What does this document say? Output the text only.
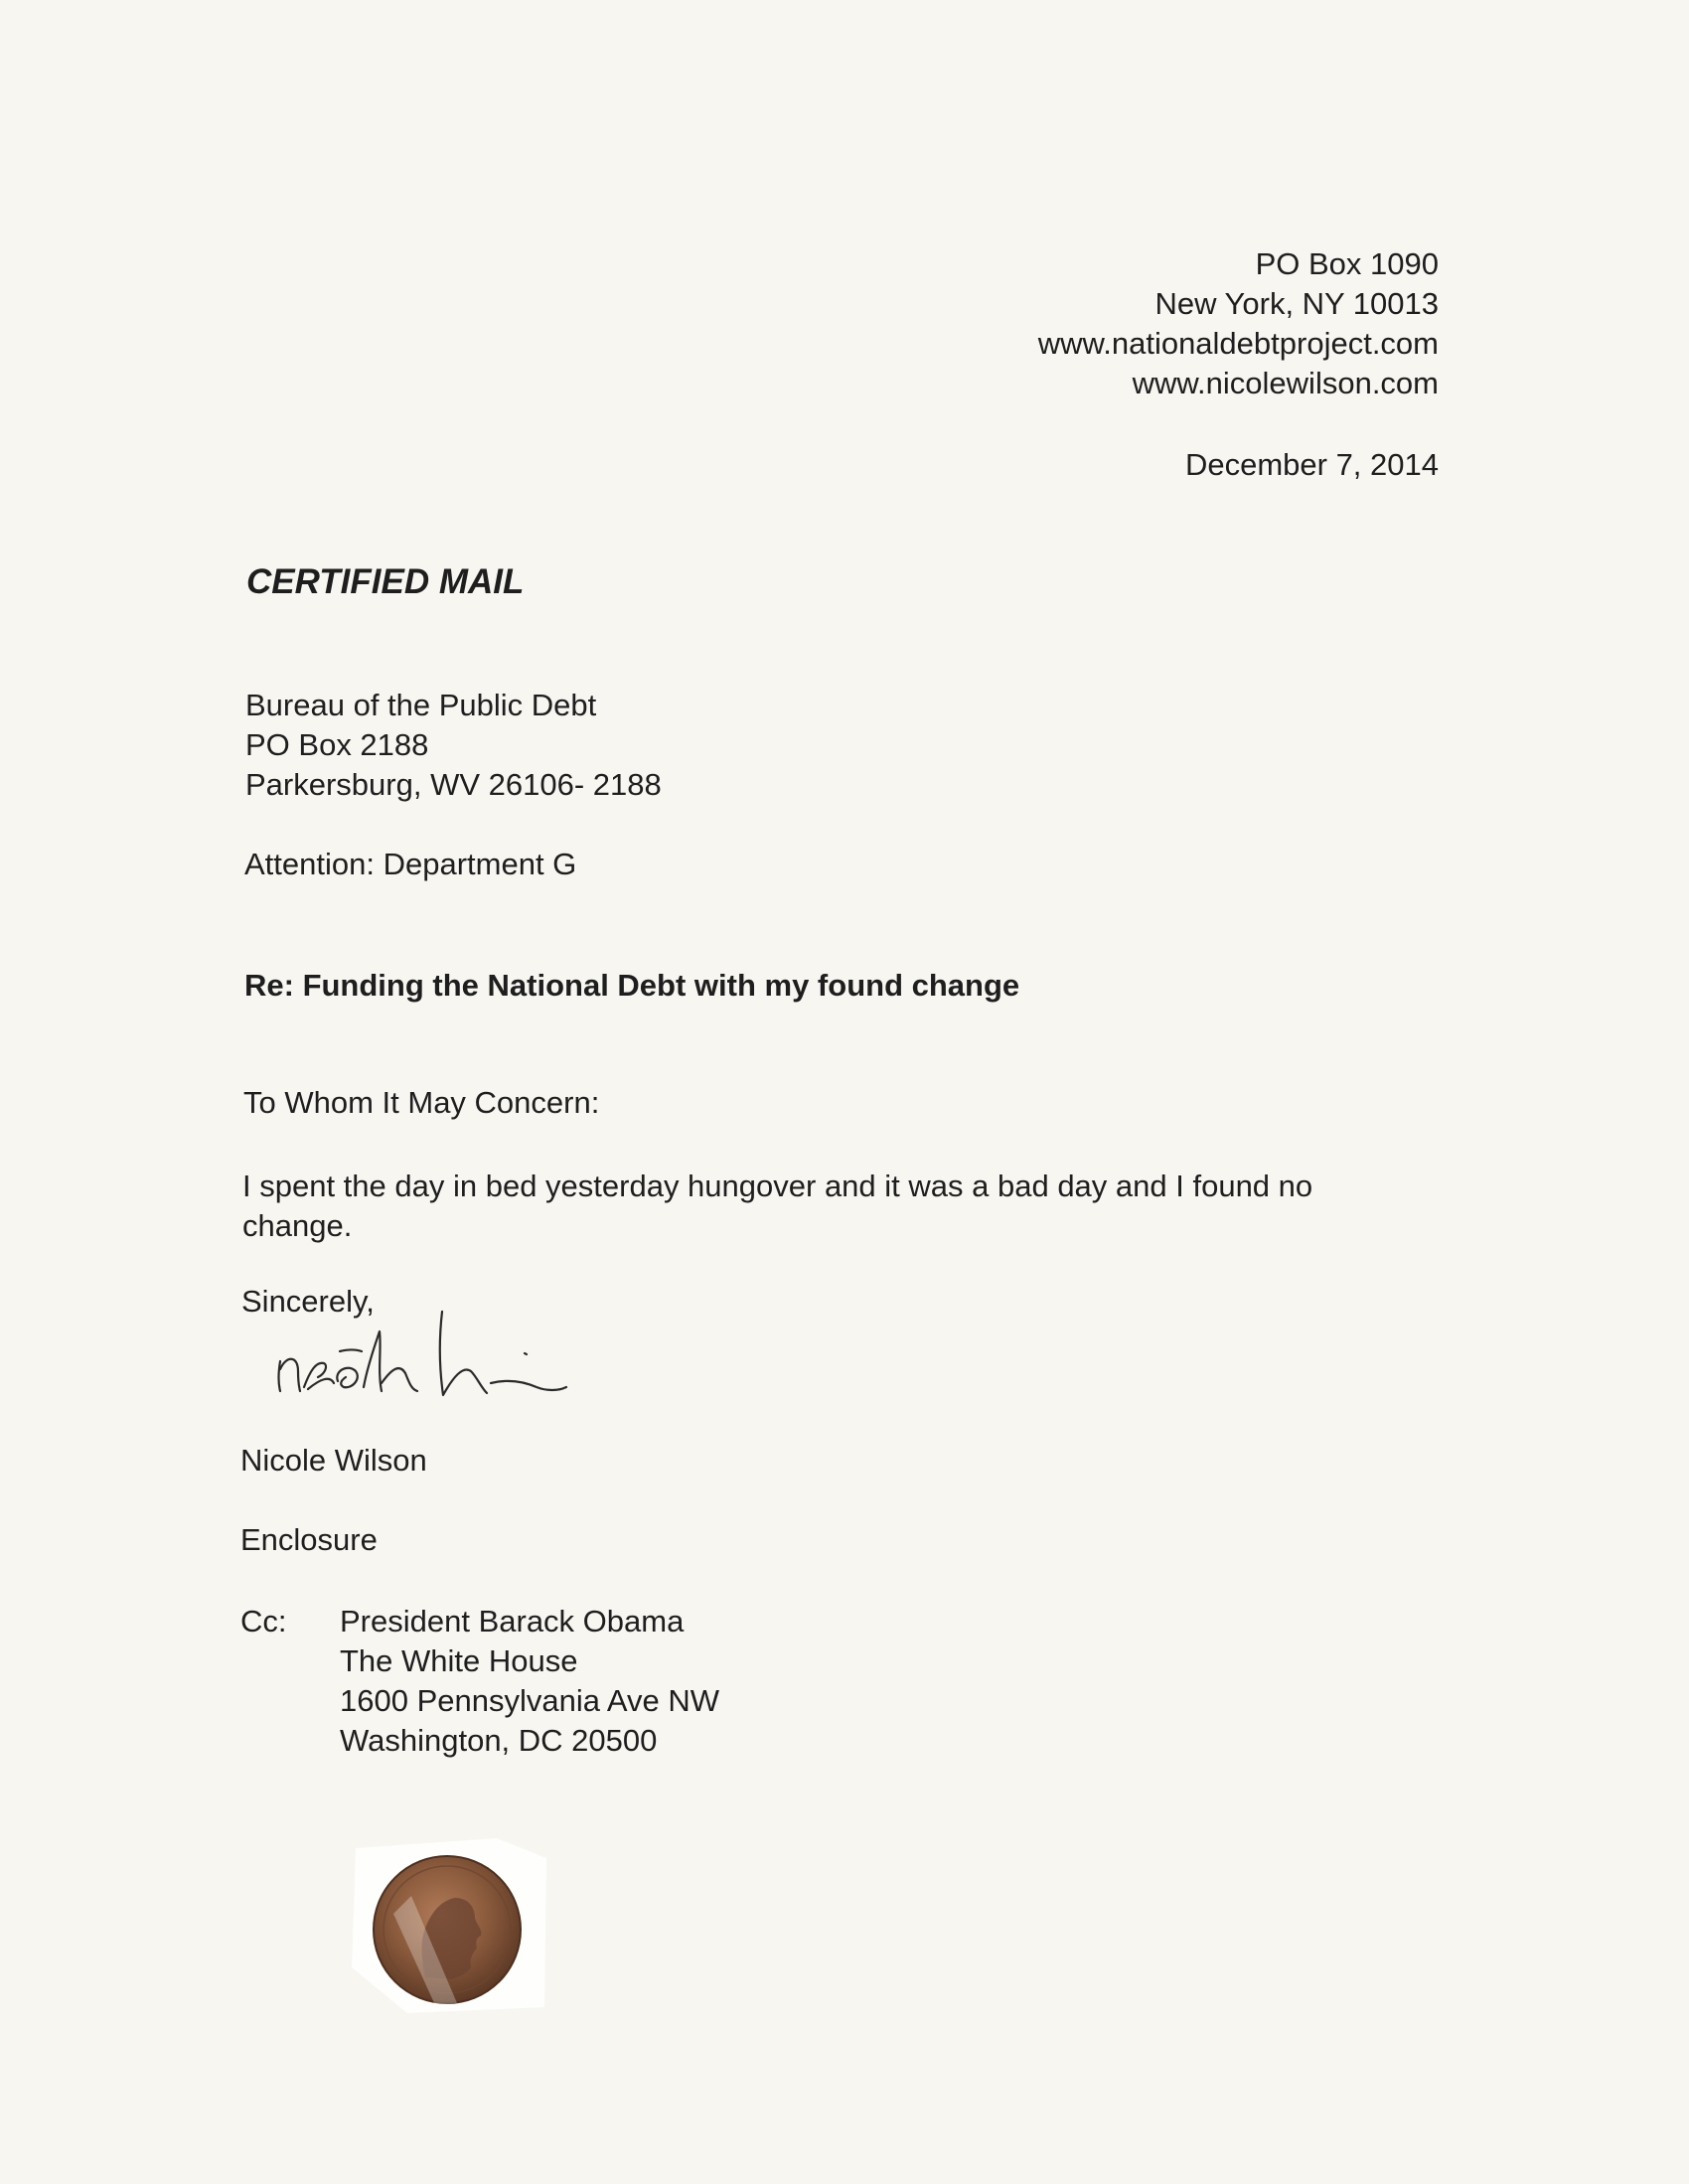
PO Box 1090
New York, NY 10013
www.nationaldebtproject.com
www.nicolewilson.com
December 7, 2014
CERTIFIED MAIL
Bureau of the Public Debt
PO Box 2188
Parkersburg, WV 26106- 2188
Attention: Department G
Re: Funding the National Debt with my found change
To Whom It May Concern:
I spent the day in bed yesterday hungover and it was a bad day and I found no
change.
Sincerely,
Nicole Wilson
Enclosure
Cc: President Barack Obama
The White House
1600 Pennsylvania Ave NW
Washington, DC 20500
